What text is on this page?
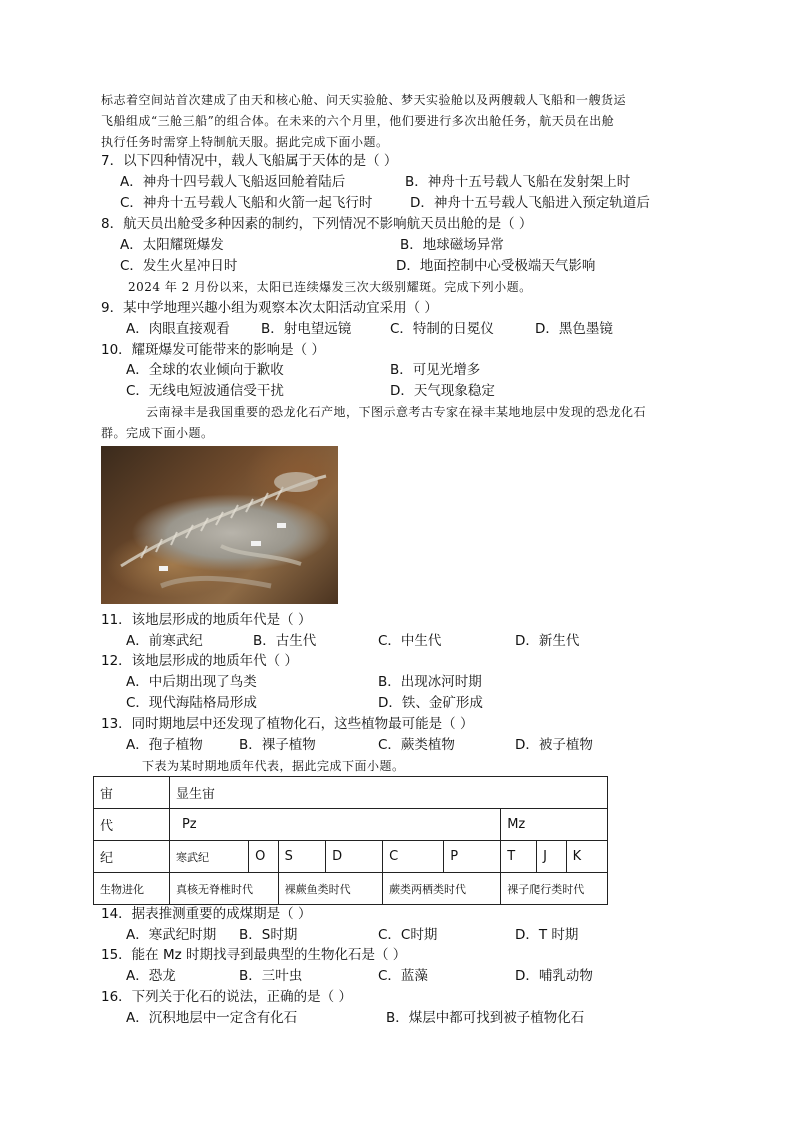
标志着空间站首次建成了由天和核心舱、问天实验舱、梦天实验舱以及两艘载人飞船和一艘货运
飞船组成“三舱三船”的组合体。在未来的六个月里，他们要进行多次出舱任务，航天员在出舱
执行任务时需穿上特制航天服。据此完成下面小题。
7．以下四种情况中，载人飞船属于天体的是（ ）
A．神舟十四号载人飞船返回舱着陆后	B．神舟十五号载人飞船在发射架上时
C．神舟十五号载人飞船和火箭一起飞行时	D．神舟十五号载人飞船进入预定轨道后
8．航天员出舱受多种因素的制约，下列情况不影响航天员出舱的是（ ）
A．太阳耀斑爆发	B．地球磁场异常
C．发生火星冲日时	D．地面控制中心受极端天气影响
2024 年 2 月份以来，太阳已连续爆发三次大级别耀斑。完成下列小题。
9．某中学地理兴趣小组为观察本次太阳活动宜采用（ ）
A．肉眼直接观看 B．射电望远镜	C．特制的日冕仪	D．黑色墨镜
10．耀斑爆发可能带来的影响是（ ）
A．全球的农业倾向于歉收	B．可见光增多
C．无线电短波通信受干扰	D．天气现象稳定
云南禄丰是我国重要的恐龙化石产地，下图示意考古专家在禄丰某地地层中发现的恐龙化石
群。完成下面小题。
11．该地层形成的地质年代是（ ）
A．前寒武纪	B．古生代	C．中生代	D．新生代
12．该地层形成的地质年代（ ）
A．中后期出现了鸟类	B．出现冰河时期
C．现代海陆格局形成	D．铁、金矿形成
13．同时期地层中还发现了植物化石，这些植物最可能是（ ）
A．孢子植物	B．裸子植物	C．蕨类植物	D．被子植物
下表为某时期地质年代表，据此完成下面小题。
宙	显生宙								
代	Pz						Mz		
纪	寒武纪	O	S	D	C	P	T	J	K
生物进化	真核无脊椎时代		裸蕨鱼类时代		蕨类两栖类时代		裸子爬行类时代		
14．据表推测重要的成煤期是（ ）
A．寒武纪时期 B．S时期	C．C时期	D．T 时期
15．能在 Mz 时期找寻到最典型的生物化石是（ ）
A．恐龙	B．三叶虫	C．蓝藻	D．哺乳动物
16．下列关于化石的说法，正确的是（ ）
A．沉积地层中一定含有化石	B．煤层中都可找到被子植物化石
